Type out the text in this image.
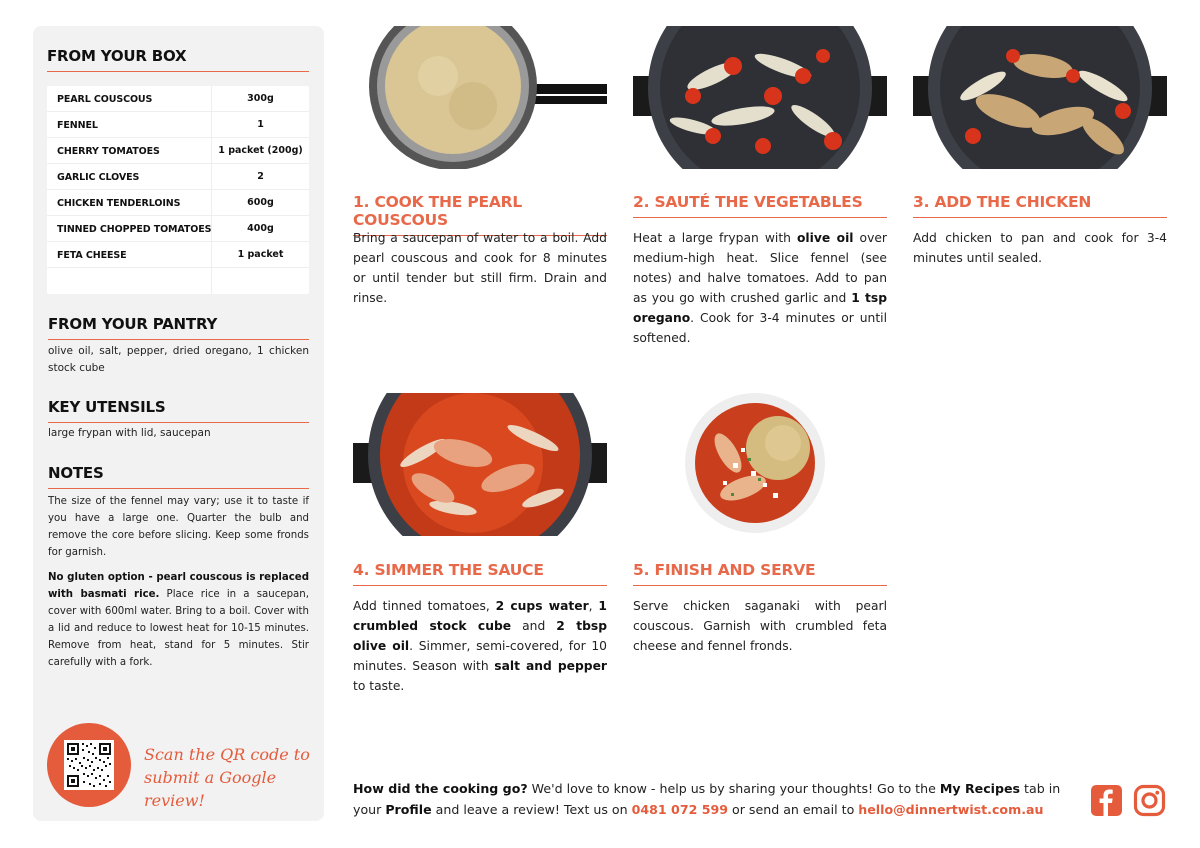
FROM YOUR BOX
PEARL COUSCOUS	300g
FENNEL	1
CHERRY TOMATOES	1 packet (200g)
GARLIC CLOVES	2
CHICKEN TENDERLOINS	600g
TINNED CHOPPED TOMATOES	400g
FETA CHEESE	1 packet
FROM YOUR PANTRY
olive oil, salt, pepper, dried oregano, 1 chicken stock cube
KEY UTENSILS
large frypan with lid, saucepan
NOTES
The size of the fennel may vary; use it to taste if you have a large one. Quarter the bulb and remove the core before slicing. Keep some fronds for garnish.
No gluten option - pearl couscous is replaced with basmati rice. Place rice in a saucepan, cover with 600ml water. Bring to a boil. Cover with a lid and reduce to lowest heat for 10-15 minutes. Remove from heat, stand for 5 minutes. Stir carefully with a fork.
Scan the QR code to submit a Google review!
1. COOK THE PEARL COUSCOUS
Bring a saucepan of water to a boil. Add pearl couscous and cook for 8 minutes or until tender but still firm. Drain and rinse.
2. SAUTÉ THE VEGETABLES
Heat a large frypan with olive oil over medium-high heat. Slice fennel (see notes) and halve tomatoes. Add to pan as you go with crushed garlic and 1 tsp oregano. Cook for 3-4 minutes or until softened.
3. ADD THE CHICKEN
Add chicken to pan and cook for 3-4 minutes until sealed.
4. SIMMER THE SAUCE
Add tinned tomatoes, 2 cups water, 1 crumbled stock cube and 2 tbsp olive oil. Simmer, semi-covered, for 10 minutes. Season with salt and pepper to taste.
5. FINISH AND SERVE
Serve chicken saganaki with pearl couscous. Garnish with crumbled feta cheese and fennel fronds.
How did the cooking go? We'd love to know - help us by sharing your thoughts! Go to the My Recipes tab in your Profile and leave a review! Text us on 0481 072 599 or send an email to hello@dinnertwist.com.au
